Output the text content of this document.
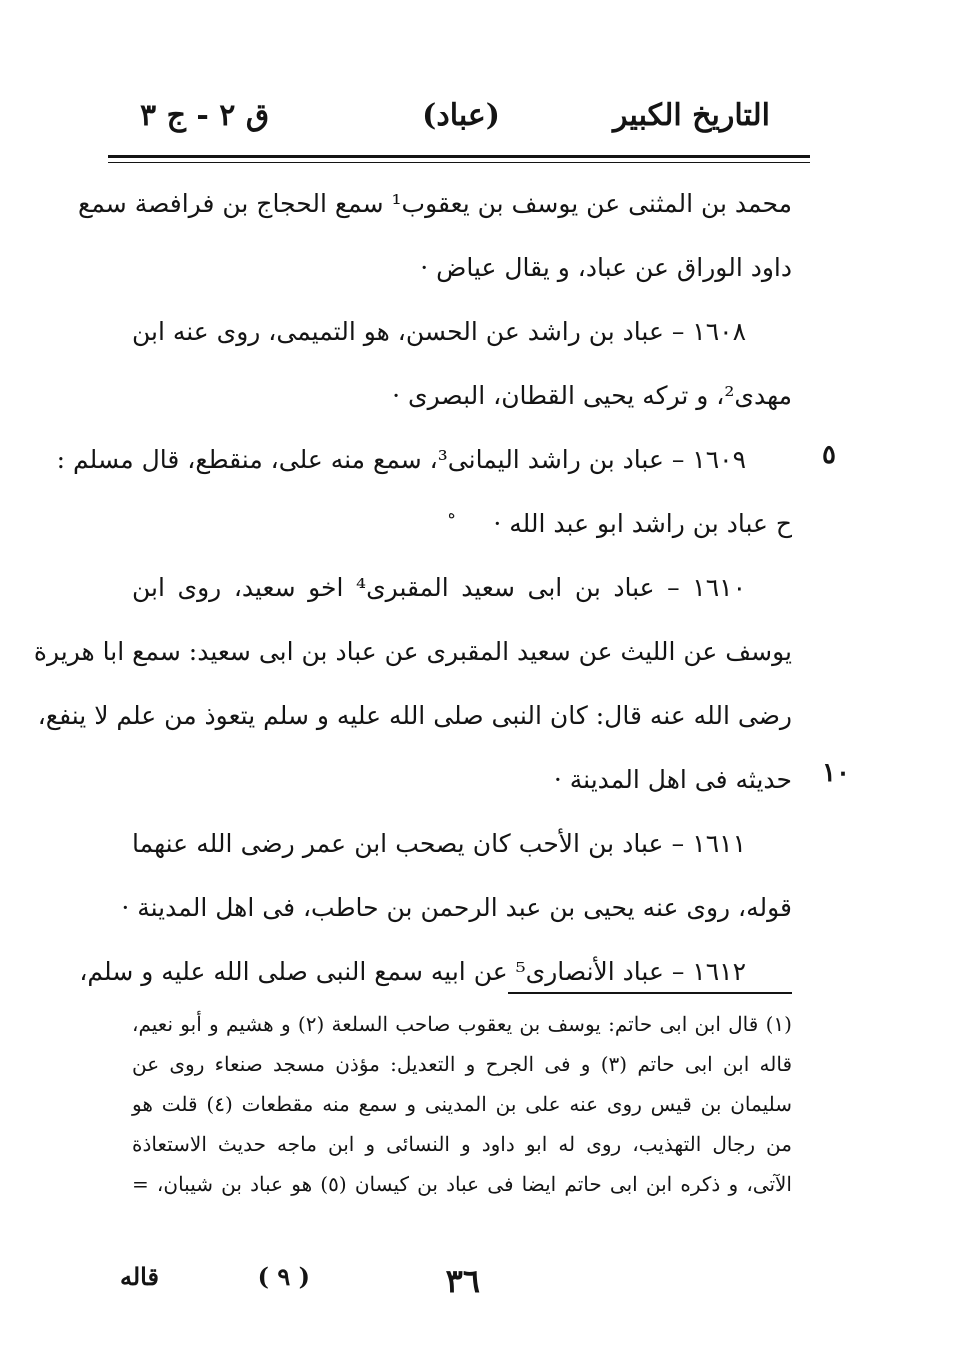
التاريخ الكبير
(عباد)
ق ٢ - ج ٣
٥
١٠
محمد بن المثنى عن يوسف بن يعقوب¹ سمع الحجاج بن فرافصة سمع
داود الوراق عن عباد، و يقال عياض ·
١٦٠٨ – عباد بن راشد عن الحسن، هو التميمى، روى عنه ابن
مهدى²، و تركه يحيى القطان، البصرى ·
١٦٠٩ – عباد بن راشد اليمانى³، سمع منه على، منقطع، قال مسلم :
ح عباد بن راشد ابو عبد الله ·
١٦١٠ – عباد بن ابى سعيد المقبرى⁴ اخو سعيد، روى ابن
يوسف عن الليث عن سعيد المقبرى عن عباد بن ابى سعيد: سمع ابا هريرة
رضى الله عنه قال: كان النبى صلى الله عليه و سلم يتعوذ من علم لا ينفع،
حديثه فى اهل المدينة ·
١٦١١ – عباد بن الأحب كان يصحب ابن عمر رضى الله عنهما
قوله، روى عنه يحيى بن عبد الرحمن بن حاطب، فى اهل المدينة ·
١٦١٢ – عباد الأنصارى⁵ عن ابيه سمع النبى صلى الله عليه و سلم،
ه
(١) قال ابن ابى حاتم: يوسف بن يعقوب صاحب السلعة (٢) و هشيم و أبو نعيم،
قاله ابن ابى حاتم (٣) و فى الجرح و التعديل: مؤذن مسجد صنعاء روى عن
سليمان بن قيس روى عنه على بن المدينى و سمع منه مقطعات (٤) قلت هو
من رجال التهذيب، روى له ابو داود و النسائى و ابن ماجه حديث الاستعاذة
الآتى، و ذكره ابن ابى حاتم ايضا فى عباد بن كيسان (٥) هو عباد بن شيبان، =
٣٦
( ٩ )
قاله
